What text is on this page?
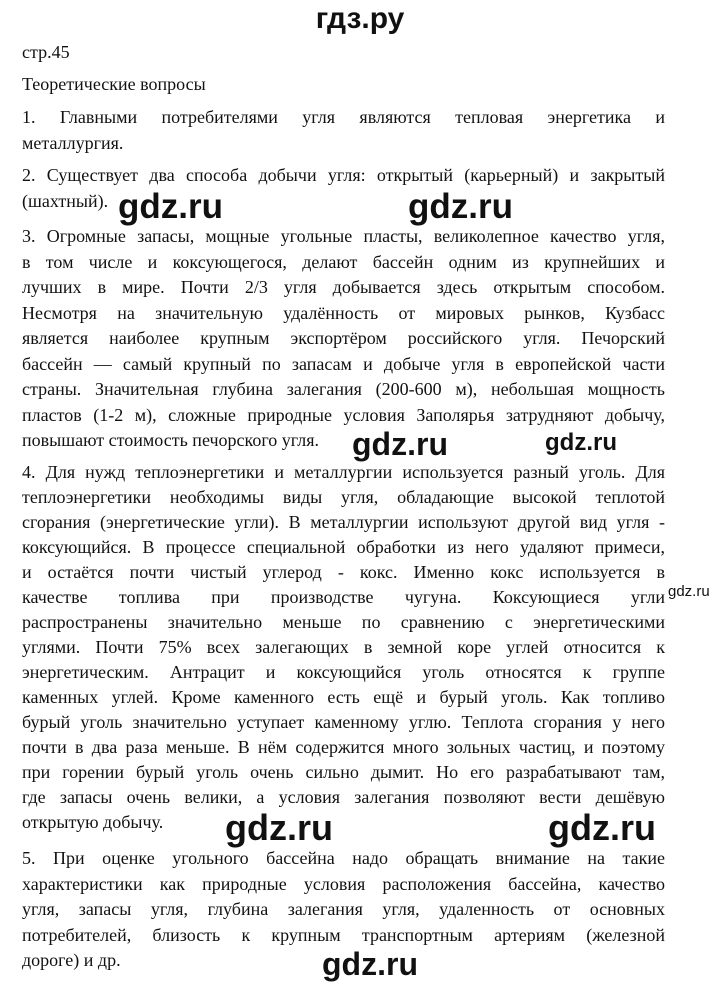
гдз.ру
стр.45
Теоретические вопросы
1. Главными потребителями угля являются тепловая энергетика и
металлургия.
2. Существует два способа добычи угля: открытый (карьерный) и закрытый
(шахтный).
3. Огромные запасы, мощные угольные пласты, великолепное качество угля,
в том числе и коксующегося, делают бассейн одним из крупнейших и
лучших в мире. Почти 2/3 угля добывается здесь открытым способом.
Несмотря на значительную удалённость от мировых рынков, Кузбасс
является наиболее крупным экспортёром российского угля. Печорский
бассейн — самый крупный по запасам и добыче угля в европейской части
страны. Значительная глубина залегания (200-600 м), небольшая мощность
пластов (1-2 м), сложные природные условия Заполярья затрудняют добычу,
повышают стоимость печорского угля.
4. Для нужд теплоэнергетики и металлургии используется разный уголь. Для
теплоэнергетики необходимы виды угля, обладающие высокой теплотой
сгорания (энергетические угли). В металлургии используют другой вид угля -
коксующийся. В процессе специальной обработки из него удаляют примеси,
и остаётся почти чистый углерод - кокс. Именно кокс используется в
качестве топлива при производстве чугуна. Коксующиеся угли
распространены значительно меньше по сравнению с энергетическими
углями. Почти 75% всех залегающих в земной коре углей относится к
энергетическим. Антрацит и коксующийся уголь относятся к группе
каменных углей. Кроме каменного есть ещё и бурый уголь. Как топливо
бурый уголь значительно уступает каменному углю. Теплота сгорания у него
почти в два раза меньше. В нём содержится много зольных частиц, и поэтому
при горении бурый уголь очень сильно дымит. Но его разрабатывают там,
где запасы очень велики, а условия залегания позволяют вести дешёвую
открытую добычу.
5. При оценке угольного бассейна надо обращать внимание на такие
характеристики как природные условия расположения бассейна, качество
угля, запасы угля, глубина залегания угля, удаленность от основных
потребителей, близость к крупным транспортным артериям (железной
дороге) и др.
gdz.ru	gdz.ru
gdz.ru	gdz.ru
gdz.ru
gdz.ru	gdz.ru
gdz.ru
